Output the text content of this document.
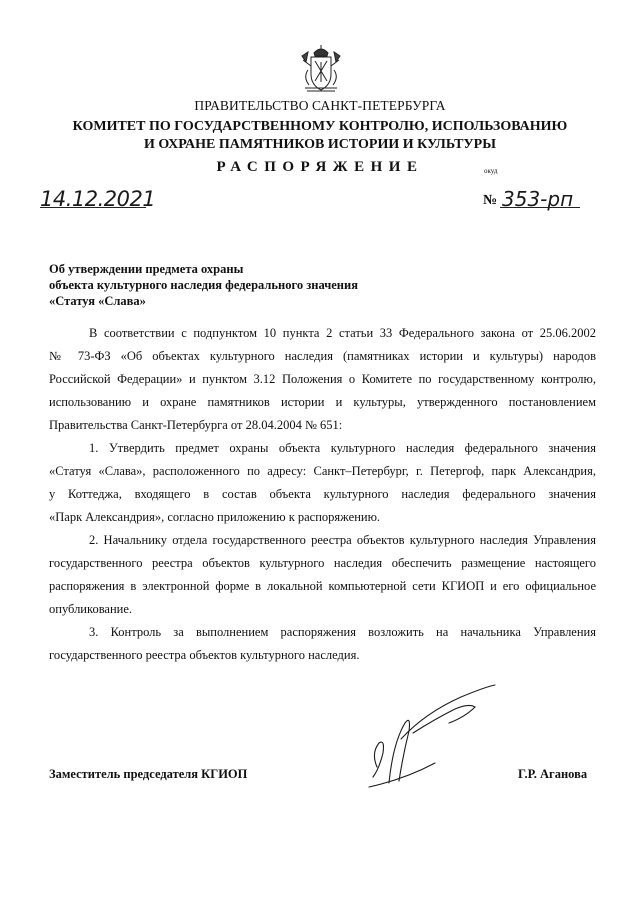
ПРАВИТЕЛЬСТВО САНКТ-ПЕТЕРБУРГА
КОМИТЕТ ПО ГОСУДАРСТВЕННОМУ КОНТРОЛЮ, ИСПОЛЬЗОВАНИЮ
И ОХРАНЕ ПАМЯТНИКОВ ИСТОРИИ И КУЛЬТУРЫ
РАСПОРЯЖЕНИЕ	окуд
14.12.2021	№ 353-рп
Об утверждении предмета охраны
объекта культурного наследия федерального значения
«Статуя «Слава»
В соответствии с подпунктом 10 пункта 2 статьи 33 Федерального закона от 25.06.2002
№ 73-ФЗ «Об объектах культурного наследия (памятниках истории и культуры) народов
Российской Федерации» и пунктом 3.12 Положения о Комитете по государственному контролю,
использованию и охране памятников истории и культуры, утвержденного постановлением
Правительства Санкт-Петербурга от 28.04.2004 № 651:
1. Утвердить предмет охраны объекта культурного наследия федерального значения
«Статуя «Слава», расположенного по адресу: Санкт–Петербург, г. Петергоф, парк Александрия,
у Коттеджа, входящего в состав объекта культурного наследия федерального значения
«Парк Александрия», согласно приложению к распоряжению.
2. Начальнику отдела государственного реестра объектов культурного наследия Управления
государственного реестра объектов культурного наследия обеспечить размещение настоящего
распоряжения в электронной форме в локальной компьютерной сети КГИОП и его официальное
опубликование.
3. Контроль за выполнением распоряжения возложить на начальника Управления
государственного реестра объектов культурного наследия.
Заместитель председателя КГИОП	Г.Р. Аганова
